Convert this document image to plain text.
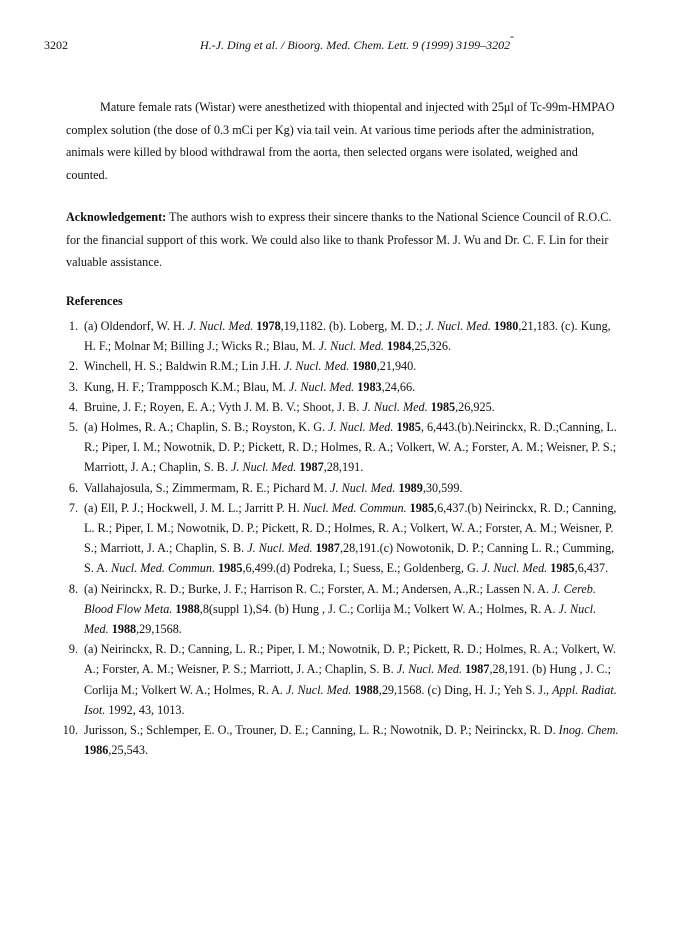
3202	H.-J. Ding et al. / Bioorg. Med. Chem. Lett. 9 (1999) 3199–3202
-

Mature female rats (Wistar) were anesthetized with thiopental and injected with 25μl of Tc-99m-HMPAO complex solution (the dose of 0.3 mCi per Kg) via tail vein. At various time periods after the administration, animals were killed by blood withdrawal from the aorta, then selected organs were isolated, weighed and counted.

Acknowledgement: The authors wish to express their sincere thanks to the National Science Council of R.O.C. for the financial support of this work. We could also like to thank Professor M. J. Wu and Dr. C. F. Lin for their valuable assistance.

References

1. (a) Oldendorf, W. H. J. Nucl. Med. 1978,19,1182. (b). Loberg, M. D.; J. Nucl. Med. 1980,21,183. (c). Kung, H. F.; Molnar M; Billing J.; Wicks R.; Blau, M. J. Nucl. Med. 1984,25,326.
2. Winchell, H. S.; Baldwin R.M.; Lin J.H. J. Nucl. Med. 1980,21,940.
3. Kung, H. F.; Trampposch K.M.; Blau, M. J. Nucl. Med. 1983,24,66.
4. Bruine, J. F.; Royen, E. A.; Vyth J. M. B. V.; Shoot, J. B. J. Nucl. Med. 1985,26,925.
5. (a) Holmes, R. A.; Chaplin, S. B.; Royston, K. G. J. Nucl. Med. 1985, 6,443.(b).Neirinckx, R. D.;Canning, L. R.; Piper, I. M.; Nowotnik, D. P.; Pickett, R. D.; Holmes, R. A.; Volkert, W. A.; Forster, A. M.; Weisner, P. S.; Marriott, J. A.; Chaplin, S. B. J. Nucl. Med. 1987,28,191.
6. Vallahajosula, S.; Zimmermam, R. E.; Pichard M. J. Nucl. Med. 1989,30,599.
7. (a) Ell, P. J.; Hockwell, J. M. L.; Jarritt P. H. Nucl. Med. Commun. 1985,6,437.(b) Neirinckx, R. D.; Canning, L. R.; Piper, I. M.; Nowotnik, D. P.; Pickett, R. D.; Holmes, R. A.; Volkert, W. A.; Forster, A. M.; Weisner, P. S.; Marriott, J. A.; Chaplin, S. B. J. Nucl. Med. 1987,28,191.(c) Nowotonik, D. P.; Canning L. R.; Cumming, S. A. Nucl. Med. Commun. 1985,6,499.(d) Podreka, I.; Suess, E.; Goldenberg, G. J. Nucl. Med. 1985,6,437.
8. (a) Neirinckx, R. D.; Burke, J. F.; Harrison R. C.; Forster, A. M.; Andersen, A.,R.; Lassen N. A. J. Cereb. Blood Flow Meta. 1988,8(suppl 1),S4. (b) Hung , J. C.; Corlija M.; Volkert W. A.; Holmes, R. A. J. Nucl. Med. 1988,29,1568.
9. (a) Neirinckx, R. D.; Canning, L. R.; Piper, I. M.; Nowotnik, D. P.; Pickett, R. D.; Holmes, R. A.; Volkert, W. A.; Forster, A. M.; Weisner, P. S.; Marriott, J. A.; Chaplin, S. B. J. Nucl. Med. 1987,28,191. (b) Hung , J. C.; Corlija M.; Volkert W. A.; Holmes, R. A. J. Nucl. Med. 1988,29,1568. (c) Ding, H. J.; Yeh S. J., Appl. Radiat. Isot. 1992, 43, 1013.
10. Jurisson, S.; Schlemper, E. O., Trouner, D. E.; Canning, L. R.; Nowotnik, D. P.; Neirinckx, R. D. Inog. Chem. 1986,25,543.
